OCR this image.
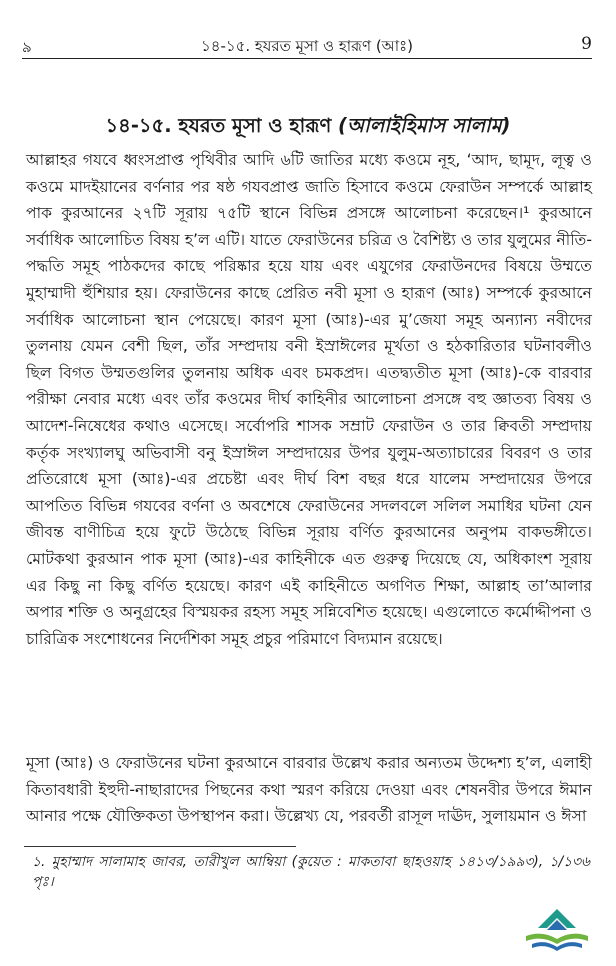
৯	১৪-১৫. হযরত মূসা ও হারূণ (আঃ)	9
১৪-১৫. হযরত মূসা ও হারূণ (আলাইহিমাস সালাম)
আল্লাহর গযবে ধ্বংসপ্রাপ্ত পৃথিবীর আদি ৬টি জাতির মধ্যে কওমে নূহ, ‘আদ, ছামূদ, লূত্ব ও কওমে মাদইয়ানের বর্ণনার পর ষষ্ঠ গযবপ্রাপ্ত জাতি হিসাবে কওমে ফেরাউন সম্পর্কে আল্লাহ পাক কুরআনের ২৭টি সূরায় ৭৫টি স্থানে বিভিন্ন প্রসঙ্গে আলোচনা করেছেন।¹ কুরআনে সর্বাধিক আলোচিত বিষয় হ’ল এটি। যাতে ফেরাউনের চরিত্র ও বৈশিষ্ট্য ও তার যুলুমের নীতি-পদ্ধতি সমূহ পাঠকদের কাছে পরিষ্কার হয়ে যায় এবং এযুগের ফেরাউনদের বিষয়ে উম্মতে মুহাম্মাদী হুঁশিয়ার হয়। ফেরাউনের কাছে প্রেরিত নবী মূসা ও হারূণ (আঃ) সম্পর্কে কুরআনে সর্বাধিক আলোচনা স্থান পেয়েছে। কারণ মূসা (আঃ)-এর মু’জেযা সমূহ অন্যান্য নবীদের তুলনায় যেমন বেশী ছিল, তাঁর সম্প্রদায় বনী ইস্রাঈলের মূর্খতা ও হঠকারিতার ঘটনাবলীও ছিল বিগত উম্মতগুলির তুলনায় অধিক এবং চমকপ্রদ। এতদ্ব্যতীত মূসা (আঃ)-কে বারবার পরীক্ষা নেবার মধ্যে এবং তাঁর কওমের দীর্ঘ কাহিনীর আলোচনা প্রসঙ্গে বহু জ্ঞাতব্য বিষয় ও আদেশ-নিষেধের কথাও এসেছে। সর্বোপরি শাসক সম্রাট ফেরাউন ও তার ক্বিবতী সম্প্রদায় কর্তৃক সংখ্যালঘু অভিবাসী বনু ইস্রাঈল সম্প্রদায়ের উপর যুলুম-অত্যাচারের বিবরণ ও তার প্রতিরোধে মূসা (আঃ)-এর প্রচেষ্টা এবং দীর্ঘ বিশ বছর ধরে যালেম সম্প্রদায়ের উপরে আপতিত বিভিন্ন গযবের বর্ণনা ও অবশেষে ফেরাউনের সদলবলে সলিল সমাধির ঘটনা যেন জীবন্ত বাণীচিত্র হয়ে ফুটে উঠেছে বিভিন্ন সূরায় বর্ণিত কুরআনের অনুপম বাকভঙ্গীতে। মোটকথা কুরআন পাক মূসা (আঃ)-এর কাহিনীকে এত গুরুত্ব দিয়েছে যে, অধিকাংশ সূরায় এর কিছু না কিছু বর্ণিত হয়েছে। কারণ এই কাহিনীতে অগণিত শিক্ষা, আল্লাহ তা’আলার অপার শক্তি ও অনুগ্রহের বিস্ময়কর রহস্য সমূহ সন্নিবেশিত হয়েছে। এগুলোতে কর্মোদ্দীপনা ও চারিত্রিক সংশোধনের নির্দেশিকা সমূহ প্রচুর পরিমাণে বিদ্যমান রয়েছে।
মূসা (আঃ) ও ফেরাউনের ঘটনা কুরআনে বারবার উল্লেখ করার অন্যতম উদ্দেশ্য হ’ল, এলাহী কিতাবধারী ইহুদী-নাছারাদের পিছনের কথা স্মরণ করিয়ে দেওয়া এবং শেষনবীর উপরে ঈমান আনার পক্ষে যৌক্তিকতা উপস্থাপন করা। উল্লেখ্য যে, পরবর্তী রাসূল দাঊদ, সুলায়মান ও ঈসা
১. মুহাম্মাদ সালামাহ জাবর, তারীখুল আম্বিয়া (কুয়েত : মাকতাবা ছাহওয়াহ ১৪১৩/১৯৯৩), ১/১৩৬ পৃঃ।
